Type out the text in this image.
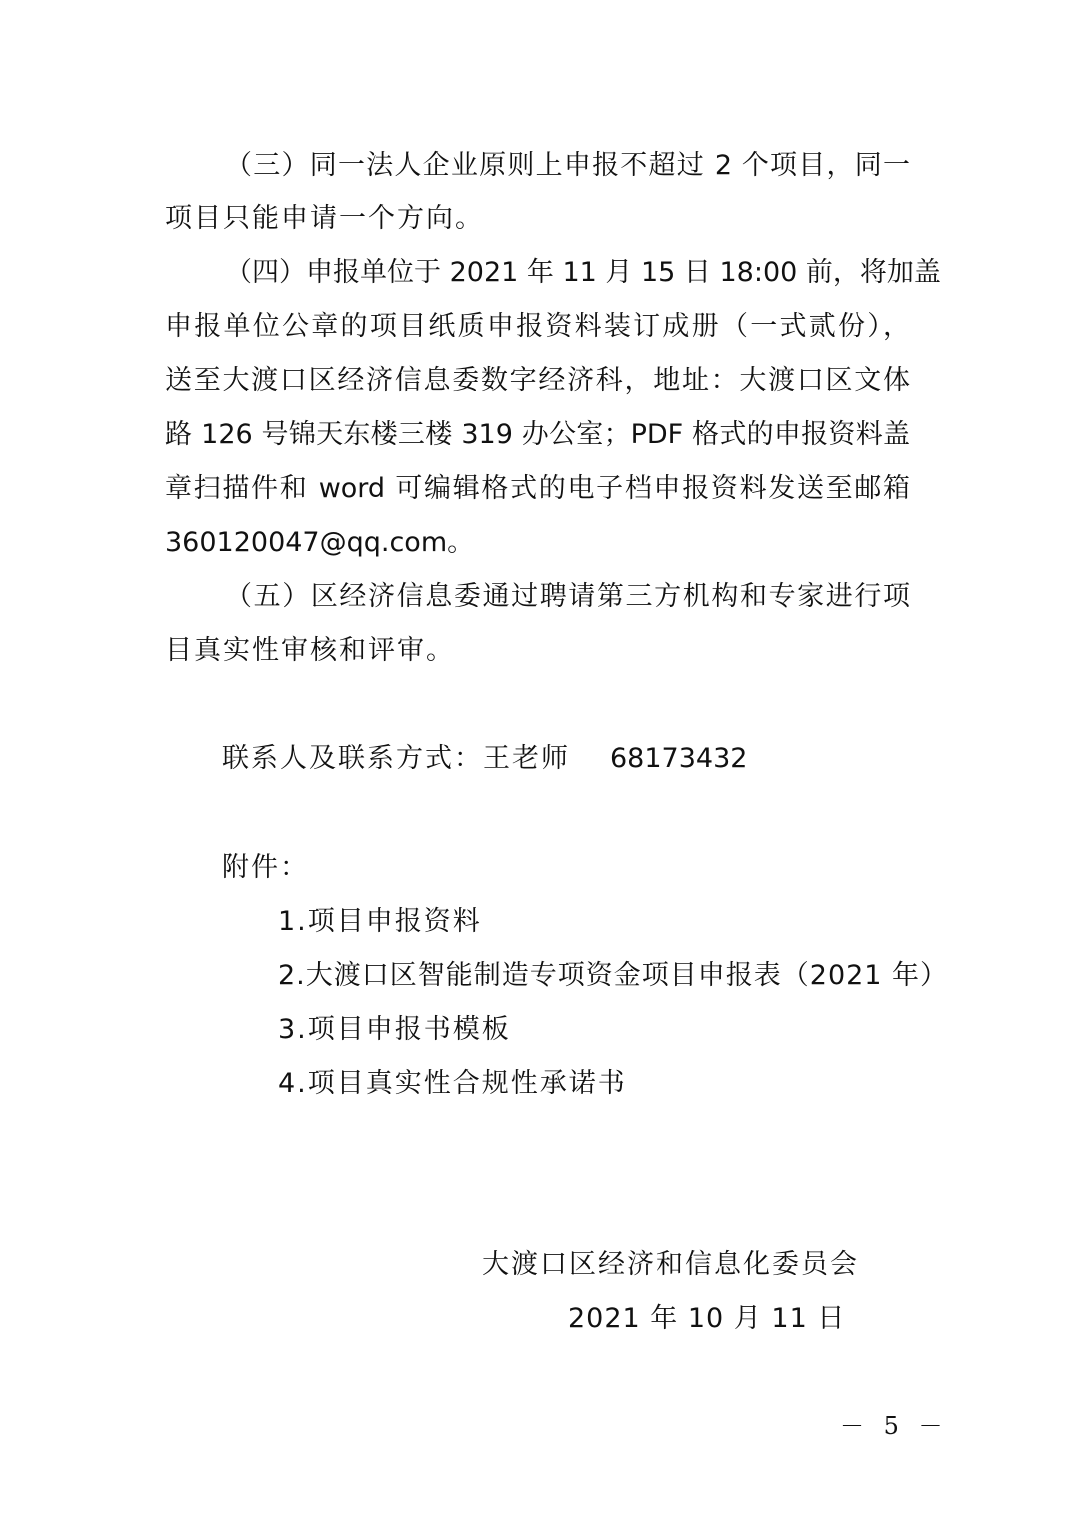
（三）同一法人企业原则上申报不超过 2 个项目，同一
项目只能申请一个方向。
（四）申报单位于 2021 年 11 月 15 日 18:00 前，将加盖
申报单位公章的项目纸质申报资料装订成册（一式贰份），
送至大渡口区经济信息委数字经济科，地址：大渡口区文体
路 126 号锦天东楼三楼 319 办公室；PDF 格式的申报资料盖
章扫描件和 word 可编辑格式的电子档申报资料发送至邮箱
360120047@qq.com。
（五）区经济信息委通过聘请第三方机构和专家进行项
目真实性审核和评审。
联系人及联系方式：王老师 68173432
附件：
1.项目申报资料
2.大渡口区智能制造专项资金项目申报表（2021 年）
3.项目申报书模板
4.项目真实性合规性承诺书
大渡口区经济和信息化委员会
2021 年 10 月 11 日
－ 5 －
